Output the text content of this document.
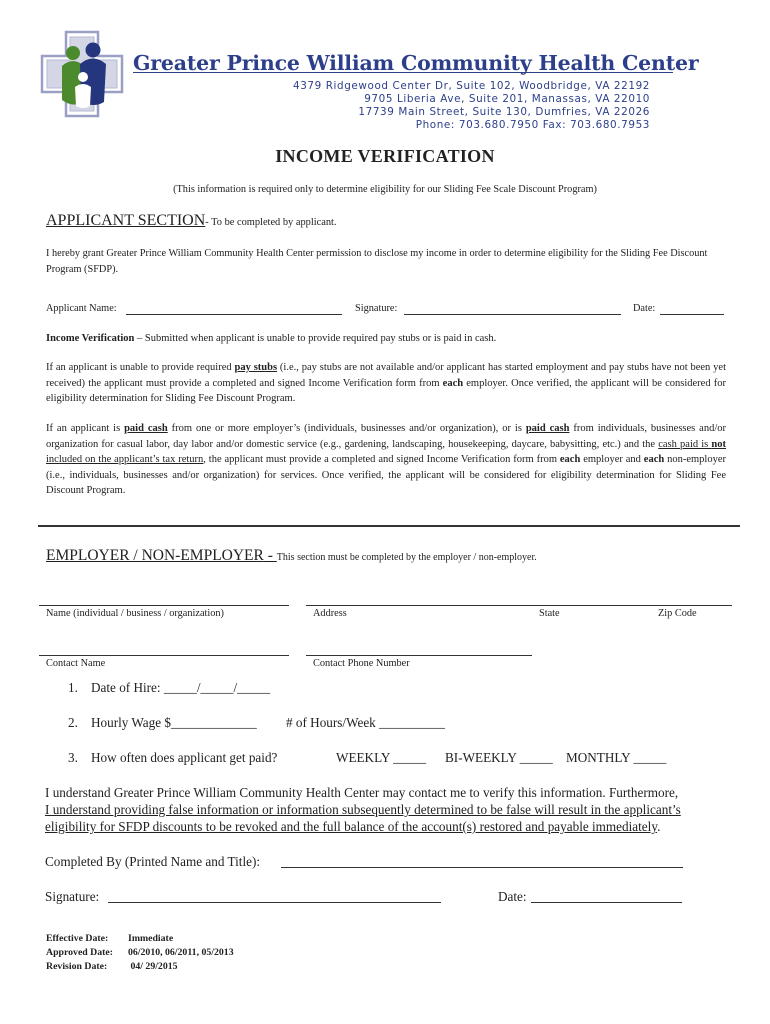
Greater Prince William Community Health Center
4379 Ridgewood Center Dr, Suite 102, Woodbridge, VA 22192
9705 Liberia Ave, Suite 201, Manassas, VA 22010
17739 Main Street, Suite 130, Dumfries, VA 22026
Phone: 703.680.7950 Fax: 703.680.7953
INCOME VERIFICATION
(This information is required only to determine eligibility for our Sliding Fee Scale Discount Program)
APPLICANT SECTION- To be completed by applicant.
I hereby grant Greater Prince William Community Health Center permission to disclose my income in order to determine eligibility for the Sliding Fee Discount Program (SFDP).
Applicant Name:	Signature:	Date:
Income Verification – Submitted when applicant is unable to provide required pay stubs or is paid in cash.
If an applicant is unable to provide required pay stubs (i.e., pay stubs are not available and/or applicant has started employment and pay stubs have not been yet received) the applicant must provide a completed and signed Income Verification form from each employer. Once verified, the applicant will be considered for eligibility determination for Sliding Fee Discount Program.
If an applicant is paid cash from one or more employer’s (individuals, businesses and/or organization), or is paid cash from individuals, businesses and/or organization for casual labor, day labor and/or domestic service (e.g., gardening, landscaping, housekeeping, daycare, babysitting, etc.) and the cash paid is not included on the applicant’s tax return, the applicant must provide a completed and signed Income Verification form from each employer and each non-employer (i.e., individuals, businesses and/or organization) for services. Once verified, the applicant will be considered for eligibility determination for Sliding Fee Discount Program.
EMPLOYER / NON-EMPLOYER - This section must be completed by the employer / non-employer.
Name (individual / business / organization)	Address	State	Zip Code
Contact Name	Contact Phone Number
1. Date of Hire: _____/_____/_____
2. Hourly Wage $_____________ # of Hours/Week __________
3. How often does applicant get paid?	WEEKLY _____ BI-WEEKLY _____ MONTHLY _____
I understand Greater Prince William Community Health Center may contact me to verify this information. Furthermore,
I understand providing false information or information subsequently determined to be false will result in the applicant’s
eligibility for SFDP discounts to be revoked and the full balance of the account(s) restored and payable immediately.
Completed By (Printed Name and Title):
Signature:	Date:
Effective Date: Immediate
Approved Date: 06/2010, 06/2011, 05/2013
Revision Date: 04/ 29/2015
